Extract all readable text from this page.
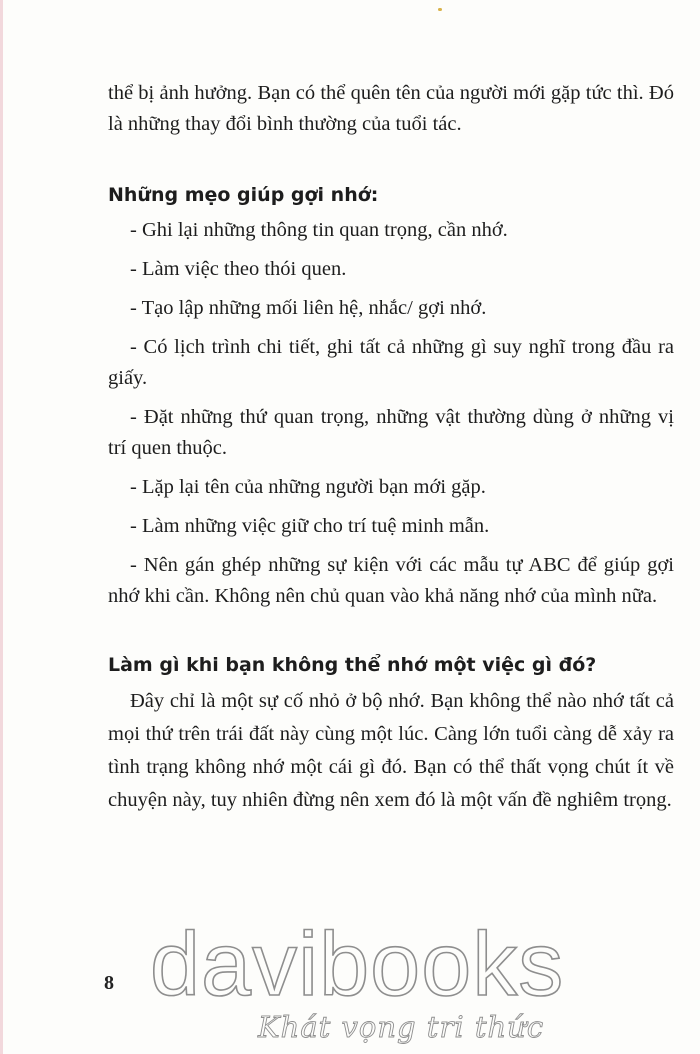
thể bị ảnh hưởng. Bạn có thể quên tên của người mới gặp tức thì. Đó là những thay đổi bình thường của tuổi tác.

Những mẹo giúp gợi nhớ:
- Ghi lại những thông tin quan trọng, cần nhớ.
- Làm việc theo thói quen.
- Tạo lập những mối liên hệ, nhắc/ gợi nhớ.
- Có lịch trình chi tiết, ghi tất cả những gì suy nghĩ trong đầu ra giấy.
- Đặt những thứ quan trọng, những vật thường dùng ở những vị trí quen thuộc.
- Lặp lại tên của những người bạn mới gặp.
- Làm những việc giữ cho trí tuệ minh mẫn.
- Nên gán ghép những sự kiện với các mẫu tự ABC để giúp gợi nhớ khi cần. Không nên chủ quan vào khả năng nhớ của mình nữa.
Làm gì khi bạn không thể nhớ một việc gì đó?

Đây chỉ là một sự cố nhỏ ở bộ nhớ. Bạn không thể nào nhớ tất cả mọi thứ trên trái đất này cùng một lúc. Càng lớn tuổi càng dễ xảy ra tình trạng không nhớ một cái gì đó. Bạn có thể thất vọng chút ít về chuyện này, tuy nhiên đừng nên xem đó là một vấn đề nghiêm trọng.

8 davibooks
Khát vọng tri thức
